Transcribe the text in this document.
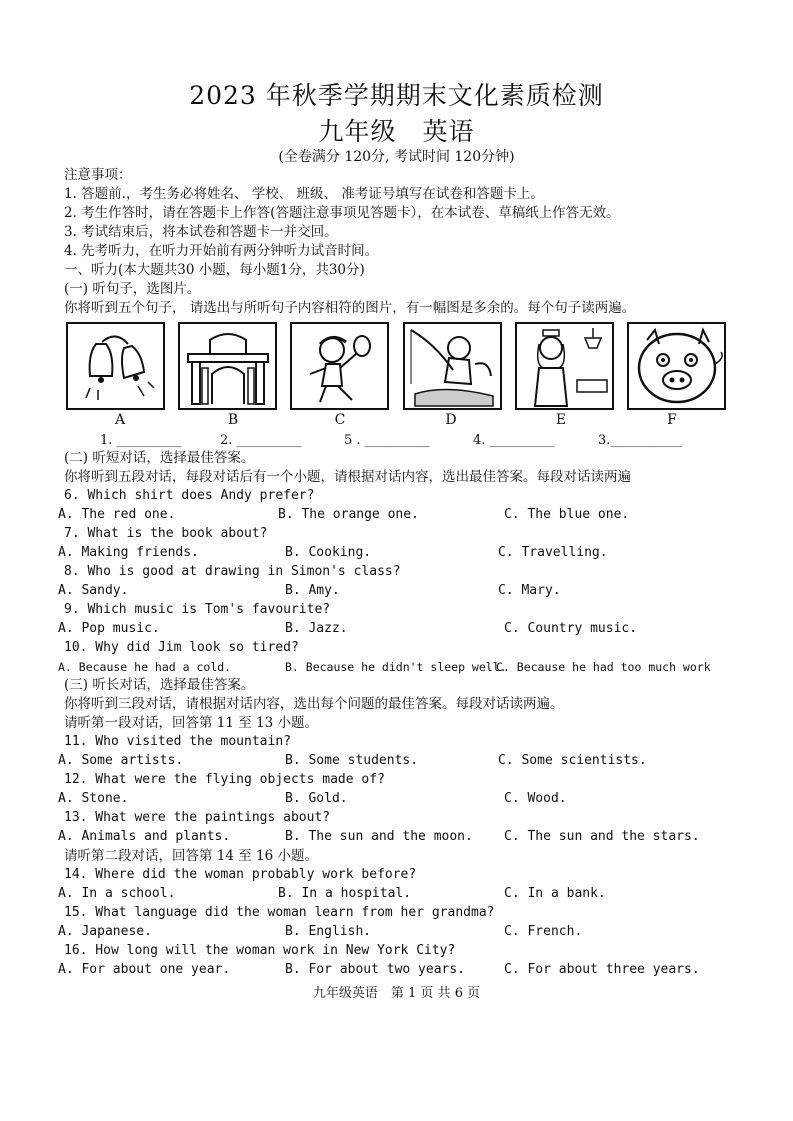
2023 年秋季学期期末文化素质检测
九年级　英语
(全卷满分 120分, 考试时间 120分钟)
注意事项：
1. 答题前.，考生务必将姓名、 学校、 班级、 准考证号填写在试卷和答题卡上。
2. 考生作答时，请在答题卡上作答(答题注意事项见答题卡），在本试卷、草稿纸上作答无效。
3. 考试结束后，将本试卷和答题卡一并交回。
4. 先考听力，在听力开始前有两分钟听力试音时间。
一、听力(本大题共30 小题，每小题1分，共30分)
(一) 听句子，选图片。
你将听到五个句子， 请选出与所听句子内容相符的图片，有一幅图是多余的。每个句子读两遍。
A	B	C	D	E	F
1. __________	2. __________	5 . __________	4. __________	3.___________
(二) 听短对话，选择最佳答案。
你将听到五段对话，每段对话后有一个小题，请根据对话内容，选出最佳答案。每段对话读两遍
6. Which shirt does Andy prefer?
A. The red one.	B. The orange one.	C. The blue one.
7. What is the book about?
A. Making friends.	B. Cooking.	C. Travelling.
8. Who is good at drawing in Simon's class?
A. Sandy.	B. Amy.	C. Mary.
9. Which music is Tom's favourite?
A. Pop music.	B. Jazz.	C. Country music.
10. Why did Jim look so tired?
A. Because he had a cold.	B. Because he didn't sleep well.
C. Because he had too much work
(三) 听长对话，选择最佳答案。
你将听到三段对话，请根据对话内容，选出每个问题的最佳答案。每段对话读两遍。
请听第一段对话，回答第 11 至 13 小题。
11. Who visited the mountain?
A. Some artists.	B. Some students.	C. Some scientists.
12. What were the flying objects made of?
A. Stone.	B. Gold.	C. Wood.
13. What were the paintings about?
A. Animals and plants.	B. The sun and the moon. C. The sun and the stars.
请听第二段对话，回答第 14 至 16 小题。
14. Where did the woman probably work before?
A. In a school.	B. In a hospital.	C. In a bank.
15. What language did the woman learn from her grandma?
A. Japanese.	B. English.	C. French.
16. How long will the woman work in New York City?
A. For about one year.	B. For about two years.	C. For about three years.
九年级英语　第 1 页 共 6 页
